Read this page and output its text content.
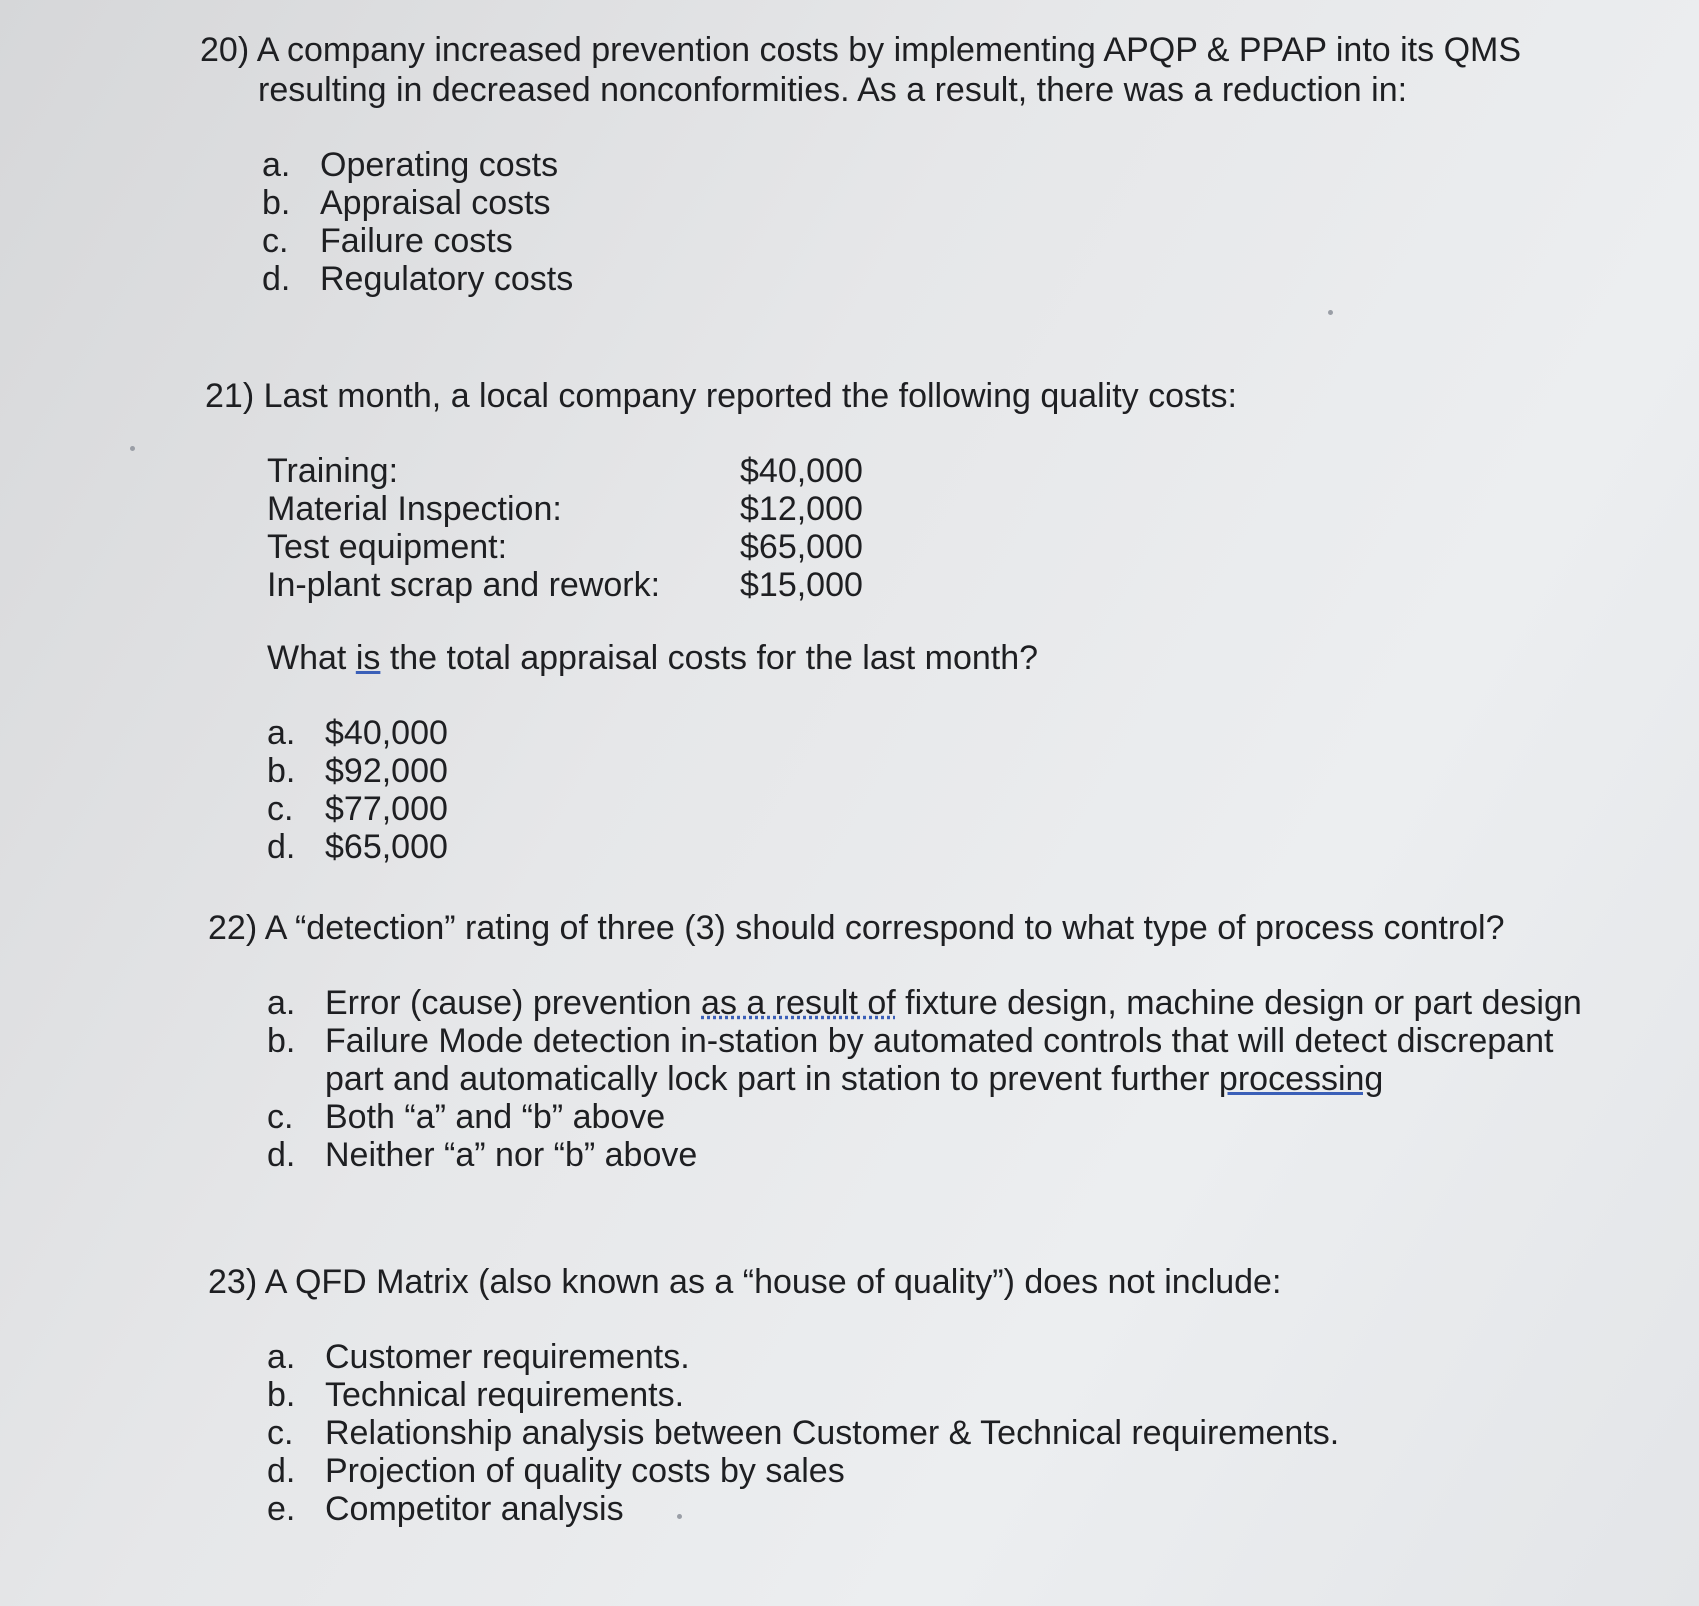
20) A company increased prevention costs by implementing APQP & PPAP into its QMS
resulting in decreased nonconformities. As a result, there was a reduction in:
a. Operating costs
b. Appraisal costs
c. Failure costs
d. Regulatory costs
21) Last month, a local company reported the following quality costs:
Training:	$40,000
Material Inspection:	$12,000
Test equipment:	$65,000
In-plant scrap and rework:	$15,000
What is the total appraisal costs for the last month?
a. $40,000
b. $92,000
c. $77,000
d. $65,000
22) A “detection” rating of three (3) should correspond to what type of process control?
a. Error (cause) prevention as a result of fixture design, machine design or part design
b. Failure Mode detection in-station by automated controls that will detect discrepant
part and automatically lock part in station to prevent further processing
c. Both “a” and “b” above
d. Neither “a” nor “b” above
23) A QFD Matrix (also known as a “house of quality”) does not include:
a. Customer requirements.
b. Technical requirements.
c. Relationship analysis between Customer & Technical requirements.
d. Projection of quality costs by sales
e. Competitor analysis
